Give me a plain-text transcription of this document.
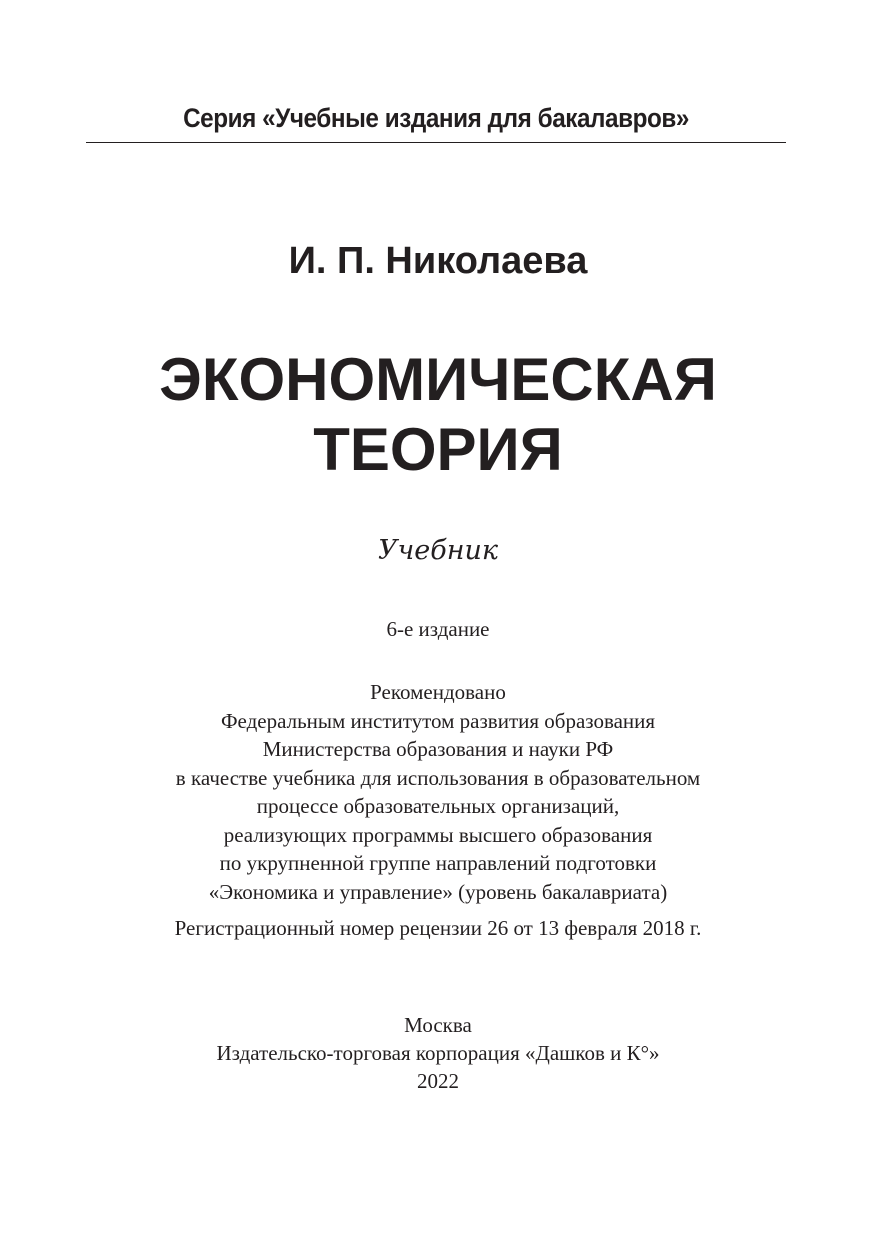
Серия «Учебные издания для бакалавров»
И. П. Николаева
ЭКОНОМИЧЕСКАЯ
ТЕОРИЯ
Учебник
6-е издание
Рекомендовано
Федеральным институтом развития образования
Министерства образования и науки РФ
в качестве учебника для использования в образовательном
процессе образовательных организаций,
реализующих программы высшего образования
по укрупненной группе направлений подготовки
«Экономика и управление» (уровень бакалавриата)
Регистрационный номер рецензии 26 от 13 февраля 2018 г.
Москва
Издательско-торговая корпорация «Дашков и К°»
2022
